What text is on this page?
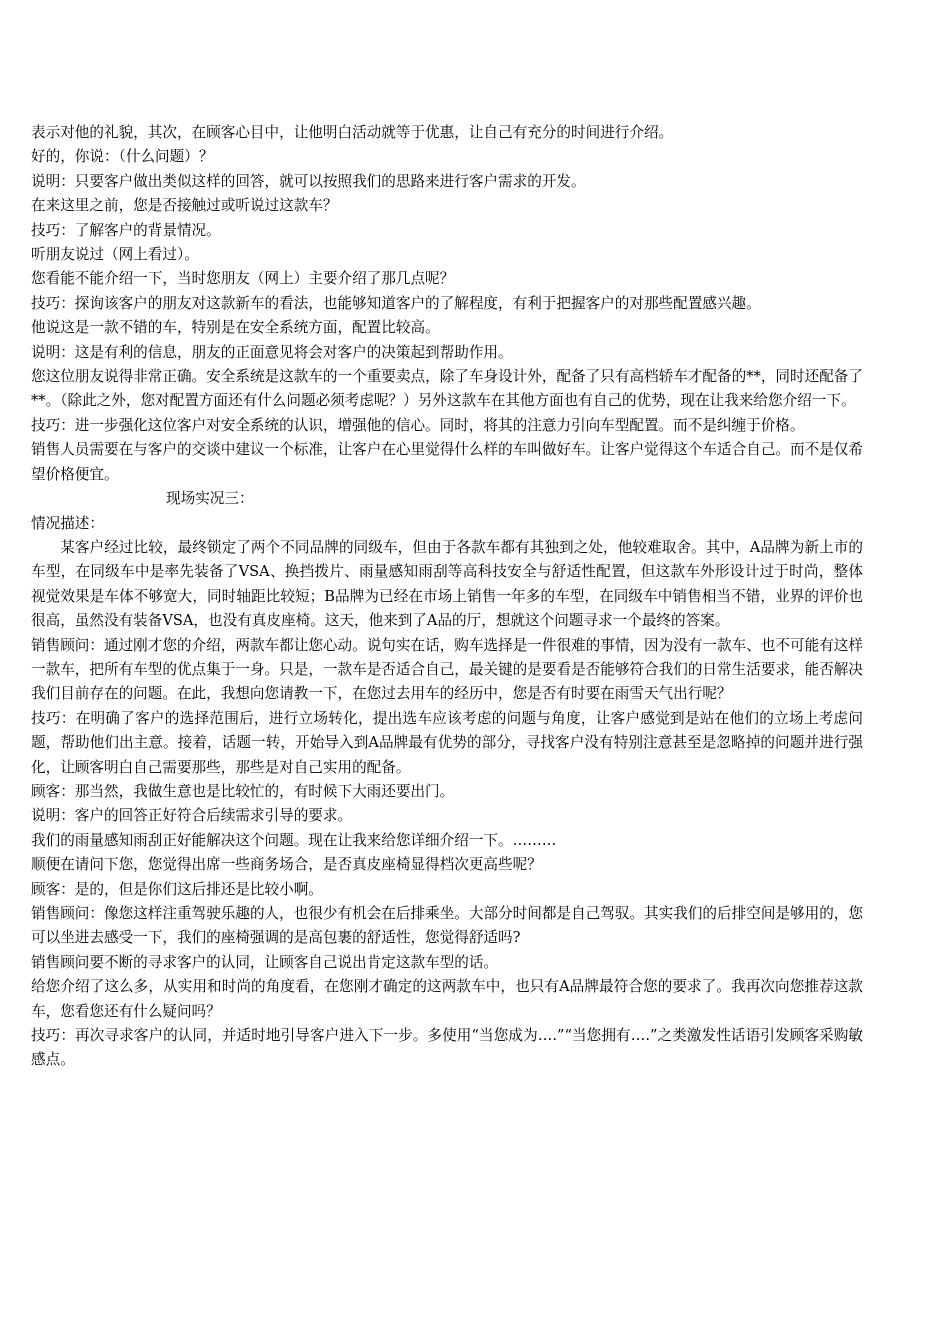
表示对他的礼貌，其次，在顾客心目中，让他明白活动就等于优惠，让自己有充分的时间进行介绍。

好的，你说：（什么问题）？

说明：只要客户做出类似这样的回答，就可以按照我们的思路来进行客户需求的开发。

在来这里之前，您是否接触过或听说过这款车？

技巧：了解客户的背景情况。

听朋友说过（网上看过）。

您看能不能介绍一下，当时您朋友（网上）主要介绍了那几点呢？

技巧：探询该客户的朋友对这款新车的看法，也能够知道客户的了解程度，有利于把握客户的对那些配置感兴趣。

他说这是一款不错的车，特别是在安全系统方面，配置比较高。

说明：这是有利的信息，朋友的正面意见将会对客户的决策起到帮助作用。

您这位朋友说得非常正确。安全系统是这款车的一个重要卖点，除了车身设计外，配备了只有高档轿车才配备的**，同时还配备了**。（除此之外，您对配置方面还有什么问题必须考虑呢？）另外这款车在其他方面也有自己的优势，现在让我来给您介绍一下。

技巧：进一步强化这位客户对安全系统的认识，增强他的信心。同时，将其的注意力引向车型配置。而不是纠缠于价格。

销售人员需要在与客户的交谈中建议一个标准，让客户在心里觉得什么样的车叫做好车。让客户觉得这个车适合自己。而不是仅希望价格便宜。

现场实况三：

情况描述：

某客户经过比较，最终锁定了两个不同品牌的同级车，但由于各款车都有其独到之处，他较难取舍。其中，A品牌为新上市的车型，在同级车中是率先装备了VSA、换挡拨片、雨量感知雨刮等高科技安全与舒适性配置，但这款车外形设计过于时尚，整体视觉效果是车体不够宽大，同时轴距比较短；B品牌为已经在市场上销售一年多的车型，在同级车中销售相当不错，业界的评价也很高，虽然没有装备VSA，也没有真皮座椅。这天，他来到了A品的厅，想就这个问题寻求一个最终的答案。

销售顾问：通过刚才您的介绍，两款车都让您心动。说句实在话，购车选择是一件很难的事情，因为没有一款车、也不可能有这样一款车，把所有车型的优点集于一身。只是，一款车是否适合自己，最关键的是要看是否能够符合我们的日常生活要求，能否解决我们目前存在的问题。在此，我想向您请教一下，在您过去用车的经历中，您是否有时要在雨雪天气出行呢？

技巧：在明确了客户的选择范围后，进行立场转化，提出选车应该考虑的问题与角度，让客户感觉到是站在他们的立场上考虑问题，帮助他们出主意。接着，话题一转，开始导入到A品牌最有优势的部分，寻找客户没有特别注意甚至是忽略掉的问题并进行强化，让顾客明白自己需要那些，那些是对自己实用的配备。

顾客：那当然，我做生意也是比较忙的，有时候下大雨还要出门。

说明：客户的回答正好符合后续需求引导的要求。

我们的雨量感知雨刮正好能解决这个问题。现在让我来给您详细介绍一下。………

顺便在请问下您，您觉得出席一些商务场合，是否真皮座椅显得档次更高些呢？

顾客：是的，但是你们这后排还是比较小啊。

销售顾问：像您这样注重驾驶乐趣的人，也很少有机会在后排乘坐。大部分时间都是自己驾驭。其实我们的后排空间是够用的，您可以坐进去感受一下，我们的座椅强调的是高包裹的舒适性，您觉得舒适吗?

销售顾问要不断的寻求客户的认同，让顾客自己说出肯定这款车型的话。

给您介绍了这么多，从实用和时尚的角度看，在您刚才确定的这两款车中，也只有A品牌最符合您的要求了。我再次向您推荐这款车，您看您还有什么疑问吗？

技巧：再次寻求客户的认同，并适时地引导客户进入下一步。多使用“当您成为….”“当您拥有….”之类激发性话语引发顾客采购敏感点。
